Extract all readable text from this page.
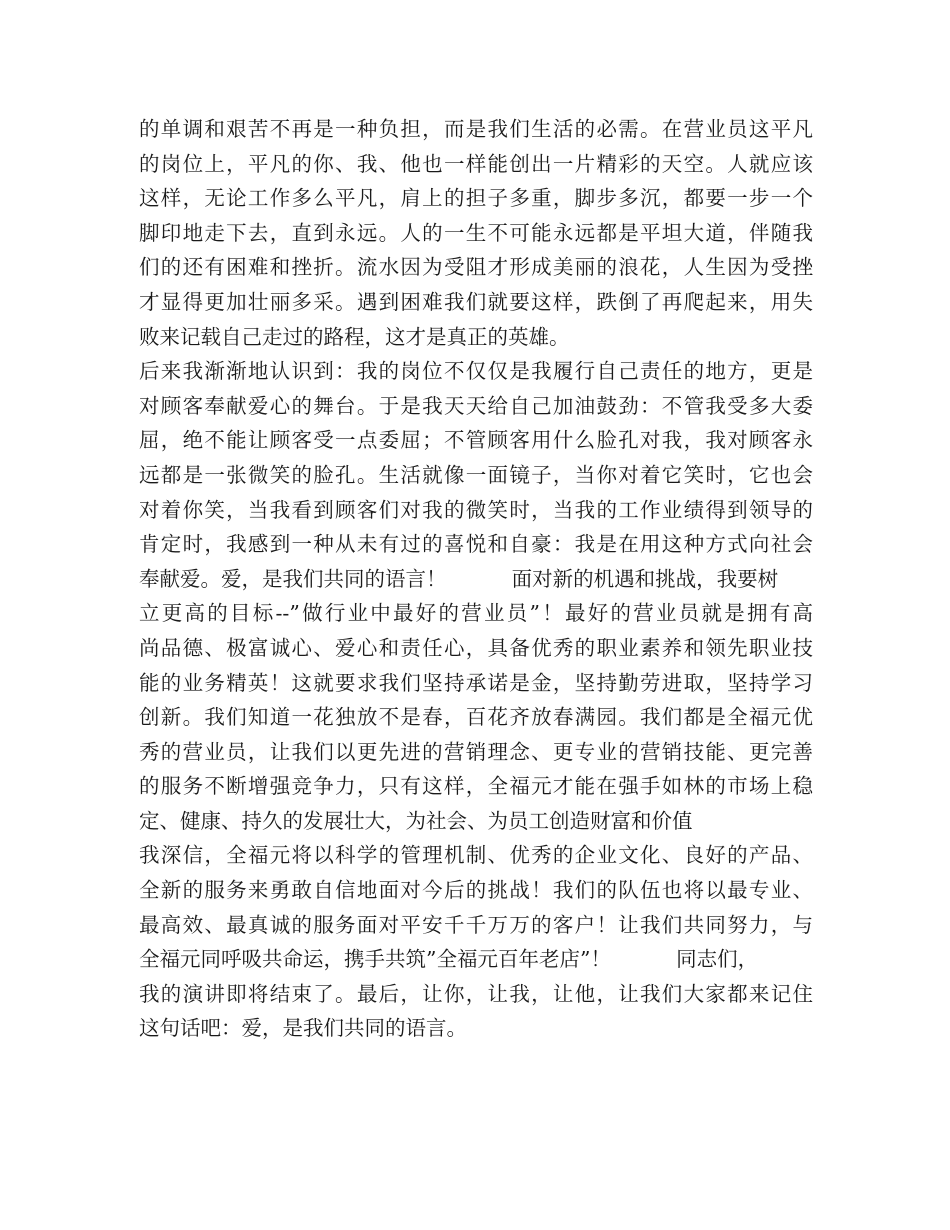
的单调和艰苦不再是一种负担，而是我们生活的必需。在营业员这平凡
的岗位上，平凡的你、我、他也一样能创出一片精彩的天空。人就应该
这样，无论工作多么平凡，肩上的担子多重，脚步多沉，都要一步一个
脚印地走下去，直到永远。人的一生不可能永远都是平坦大道，伴随我
们的还有困难和挫折。流水因为受阻才形成美丽的浪花，人生因为受挫
才显得更加壮丽多采。遇到困难我们就要这样，跌倒了再爬起来，用失
败来记载自己走过的路程，这才是真正的英雄。
后来我渐渐地认识到：我的岗位不仅仅是我履行自己责任的地方，更是
对顾客奉献爱心的舞台。于是我天天给自己加油鼓劲：不管我受多大委
屈，绝不能让顾客受一点委屈；不管顾客用什么脸孔对我，我对顾客永
远都是一张微笑的脸孔。生活就像一面镜子，当你对着它笑时，它也会
对着你笑，当我看到顾客们对我的微笑时，当我的工作业绩得到领导的
肯定时，我感到一种从未有过的喜悦和自豪：我是在用这种方式向社会
奉献爱。爱，是我们共同的语言！          面对新的机遇和挑战，我要树
立更高的目标--”做行业中最好的营业员”！最好的营业员就是拥有高
尚品德、极富诚心、爱心和责任心，具备优秀的职业素养和领先职业技
能的业务精英！这就要求我们坚持承诺是金，坚持勤劳进取，坚持学习
创新。我们知道一花独放不是春，百花齐放春满园。我们都是全福元优
秀的营业员，让我们以更先进的营销理念、更专业的营销技能、更完善
的服务不断增强竞争力，只有这样，全福元才能在强手如林的市场上稳
定、健康、持久的发展壮大，为社会、为员工创造财富和价值
我深信，全福元将以科学的管理机制、优秀的企业文化、良好的产品、
全新的服务来勇敢自信地面对今后的挑战！我们的队伍也将以最专业、
最高效、最真诚的服务面对平安千千万万的客户！让我们共同努力，与
全福元同呼吸共命运，携手共筑”全福元百年老店”！          同志们，
我的演讲即将结束了。最后，让你，让我，让他，让我们大家都来记住
这句话吧：爱，是我们共同的语言。
